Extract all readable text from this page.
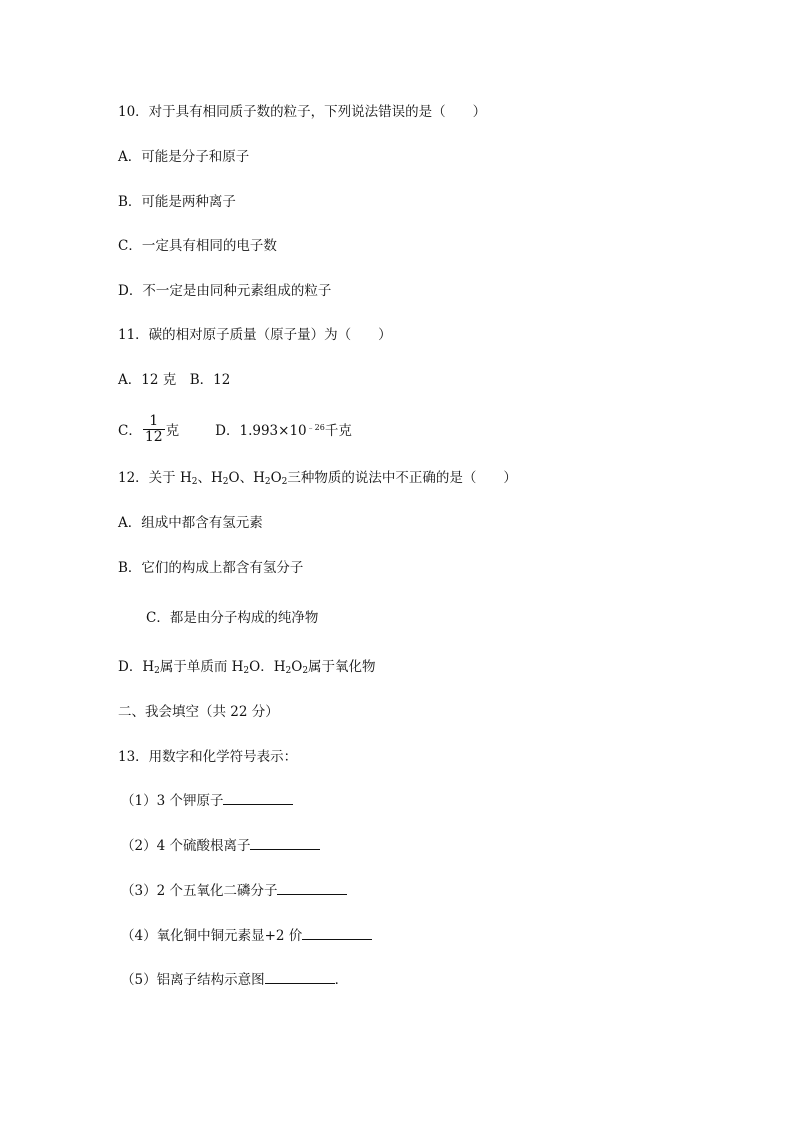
10．对于具有相同质子数的粒子，下列说法错误的是（　　）
A．可能是分子和原子
B．可能是两种离子
C．一定具有相同的电子数
D．不一定是由同种元素组成的粒子
11．碳的相对原子质量（原子量）为（　　）
A．12 克　B．12
C． $\frac{1}{12}$ 克	D．$1.993\times 10^{﹣26}$千克
12．关于 $H_2$、$H_2O$、$H_2O_2$三种物质的说法中不正确的是（　　）
A．组成中都含有氢元素
B．它们的构成上都含有氢分子
C．都是由分子构成的纯净物
D．$H_2$属于单质而 $H_2O$．$H_2O_2$属于氧化物
二、我会填空（共 22 分）
13．用数字和化学符号表示：
（1）3 个钾原子
（2）4 个硫酸根离子
（3）2 个五氧化二磷分子
（4）氧化铜中铜元素显+2 价
（5）铝离子结构示意图	．
